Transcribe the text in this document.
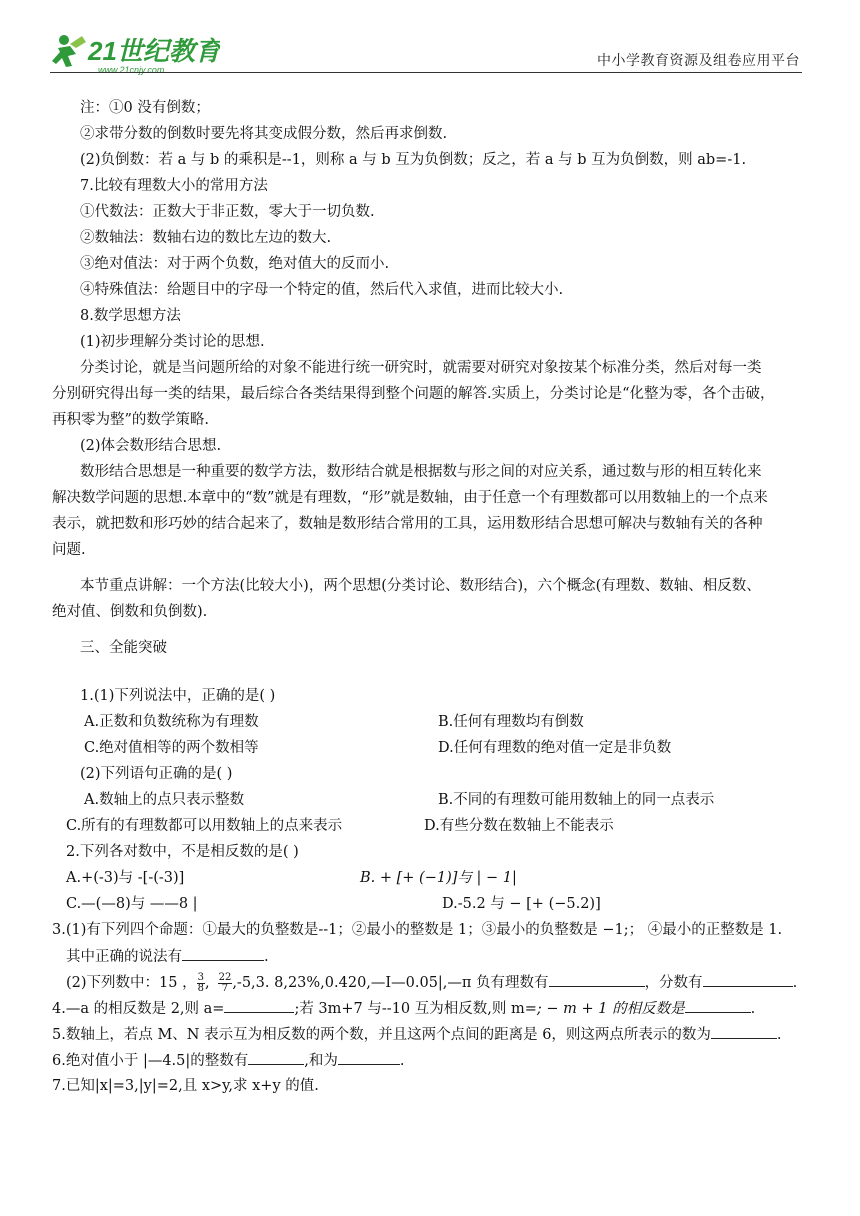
21世纪教育
www.21cnjy.com
中小学教育资源及组卷应用平台
注：①0 没有倒数；
②求带分数的倒数时要先将其变成假分数，然后再求倒数.
(2)负倒数：若 a 与 b 的乘积是--1，则称 a 与 b 互为负倒数；反之，若 a 与 b 互为负倒数，则 ab=-1.
7.比较有理数大小的常用方法
①代数法：正数大于非正数，零大于一切负数.
②数轴法：数轴右边的数比左边的数大.
③绝对值法：对于两个负数，绝对值大的反而小.
④特殊值法：给题目中的字母一个特定的值，然后代入求值，进而比较大小.
8.数学思想方法
(1)初步理解分类讨论的思想.
分类讨论，就是当问题所给的对象不能进行统一研究时，就需要对研究对象按某个标准分类，然后对每一类
分别研究得出每一类的结果，最后综合各类结果得到整个问题的解答.实质上，分类讨论是“化整为零，各个击破，
再积零为整”的数学策略.
(2)体会数形结合思想.
数形结合思想是一种重要的数学方法，数形结合就是根据数与形之间的对应关系，通过数与形的相互转化来
解决数学问题的思想.本章中的“数”就是有理数，“形”就是数轴，由于任意一个有理数都可以用数轴上的一个点来
表示，就把数和形巧妙的结合起来了，数轴是数形结合常用的工具，运用数形结合思想可解决与数轴有关的各种
问题.
本节重点讲解：一个方法(比较大小)，两个思想(分类讨论、数形结合)，六个概念(有理数、数轴、相反数、
绝对值、倒数和负倒数).
三、全能突破
1.(1)下列说法中，正确的是( )
A.正数和负数统称为有理数	B.任何有理数均有倒数
C.绝对值相等的两个数相等	D.任何有理数的绝对值一定是非负数
(2)下列语句正确的是( )
A.数轴上的点只表示整数	B.不同的有理数可能用数轴上的同一点表示
C.所有的有理数都可以用数轴上的点来表示	D.有些分数在数轴上不能表示
2.下列各对数中，不是相反数的是( )
A.+(-3)与 -[-(-3)]	B. + [+ (−1)]与 | − 1|
C.—(—8)与 ——8 |	D.-5.2 与 − [+ (−5.2)]
3.(1)有下列四个命题：①最大的负整数是--1；②最小的整数是 1；③最小的负整数是 −1;； ④最小的正整数是 1.
其中正确的说法有	.
(2)下列数中：15 ， $\frac{3}{8}$ , $\frac{22}{7} ,-5,3$. 8,23%,0.420,—I—0.05|,—π 负有理数有	，分数有	.
4.—a 的相反数是 2,则 a=	;若 3m+7 与--10 互为相反数,则 m=; − m + 1 的相反数是	.
5.数轴上，若点 M、N 表示互为相反数的两个数，并且这两个点间的距离是 6，则这两点所表示的数为	.
6.绝对值小于 |—4.5|的整数有	,和为	.
7.已知|x|=3,|y|=2,且 x>y,求 x+y 的值.
